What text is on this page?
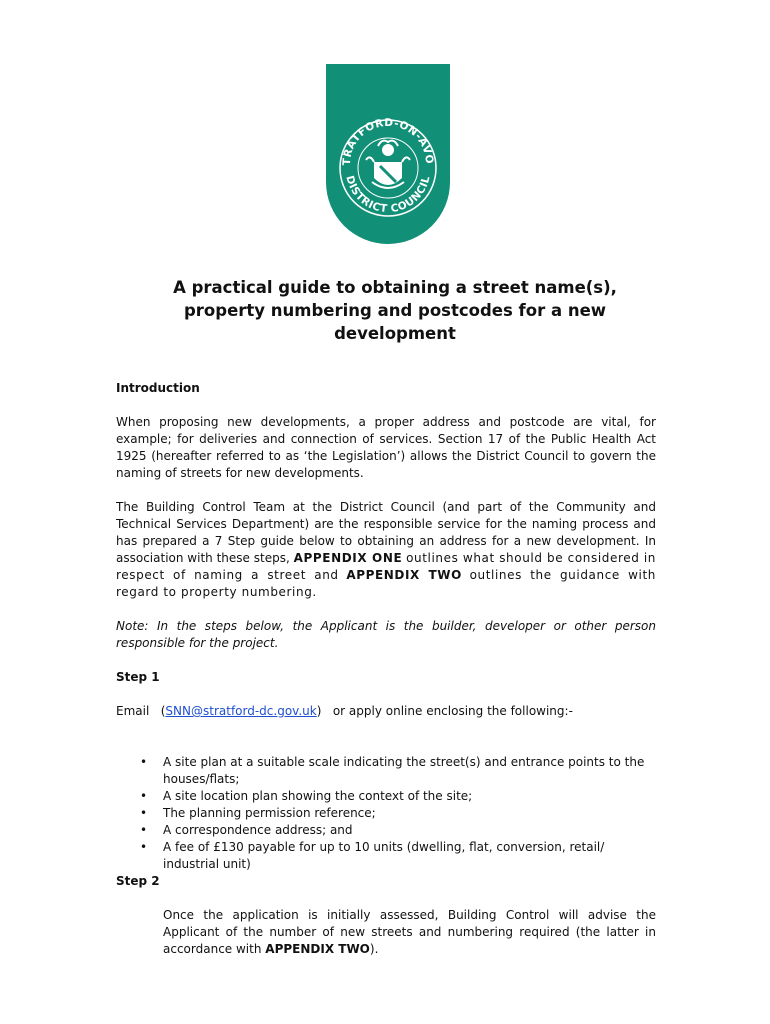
TRATFORD-ON-AVO
DISTRICT COUNCIL
A practical guide to obtaining a street name(s),
property numbering and postcodes for a new
development

Introduction

When proposing new developments, a proper address and postcode are vital, for example; for deliveries and connection of services. Section 17 of the Public Health Act 1925 (hereafter referred to as ‘the Legislation’) allows the District Council to govern the naming of streets for new developments.

The Building Control Team at the District Council (and part of the Community and Technical Services Department) are the responsible service for the naming process and has prepared a 7 Step guide below to obtaining an address for a new development. In association with these steps, APPENDIX ONE outlines what should be considered in respect of naming a street and APPENDIX TWO outlines the guidance with regard to property numbering.

Note: In the steps below, the Applicant is the builder, developer or other person responsible for the project.

Step 1

Email   (SNN@stratford-dc.gov.uk)   or apply online enclosing the following:-

• A site plan at a suitable scale indicating the street(s) and entrance points to the houses/flats;
• A site location plan showing the context of the site;
• The planning permission reference;
• A correspondence address; and
• A fee of £130 payable for up to 10 units (dwelling, flat, conversion, retail/ industrial unit)

Step 2

Once the application is initially assessed, Building Control will advise the Applicant of the number of new streets and numbering required (the latter in accordance with APPENDIX TWO).
